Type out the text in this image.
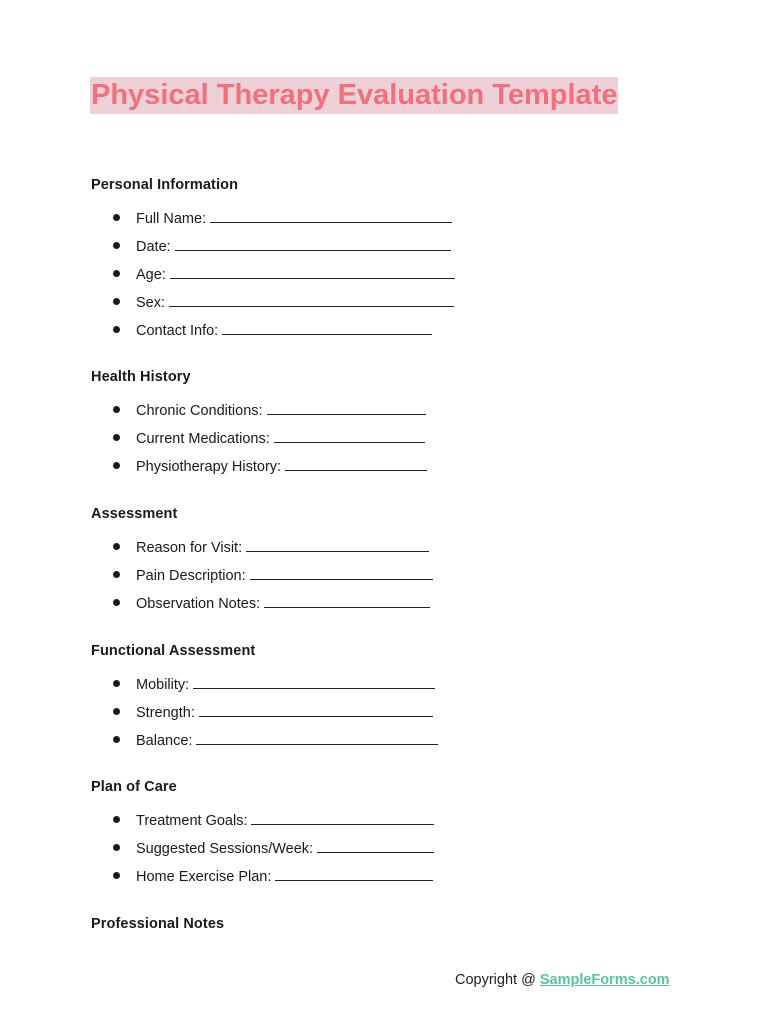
Physical Therapy Evaluation Template
Personal Information
Full Name:
Date:
Age:
Sex:
Contact Info:
Health History
Chronic Conditions:
Current Medications:
Physiotherapy History:
Assessment
Reason for Visit:
Pain Description:
Observation Notes:
Functional Assessment
Mobility:
Strength:
Balance:
Plan of Care
Treatment Goals:
Suggested Sessions/Week:
Home Exercise Plan:
Professional Notes
Copyright @ SampleForms.com
